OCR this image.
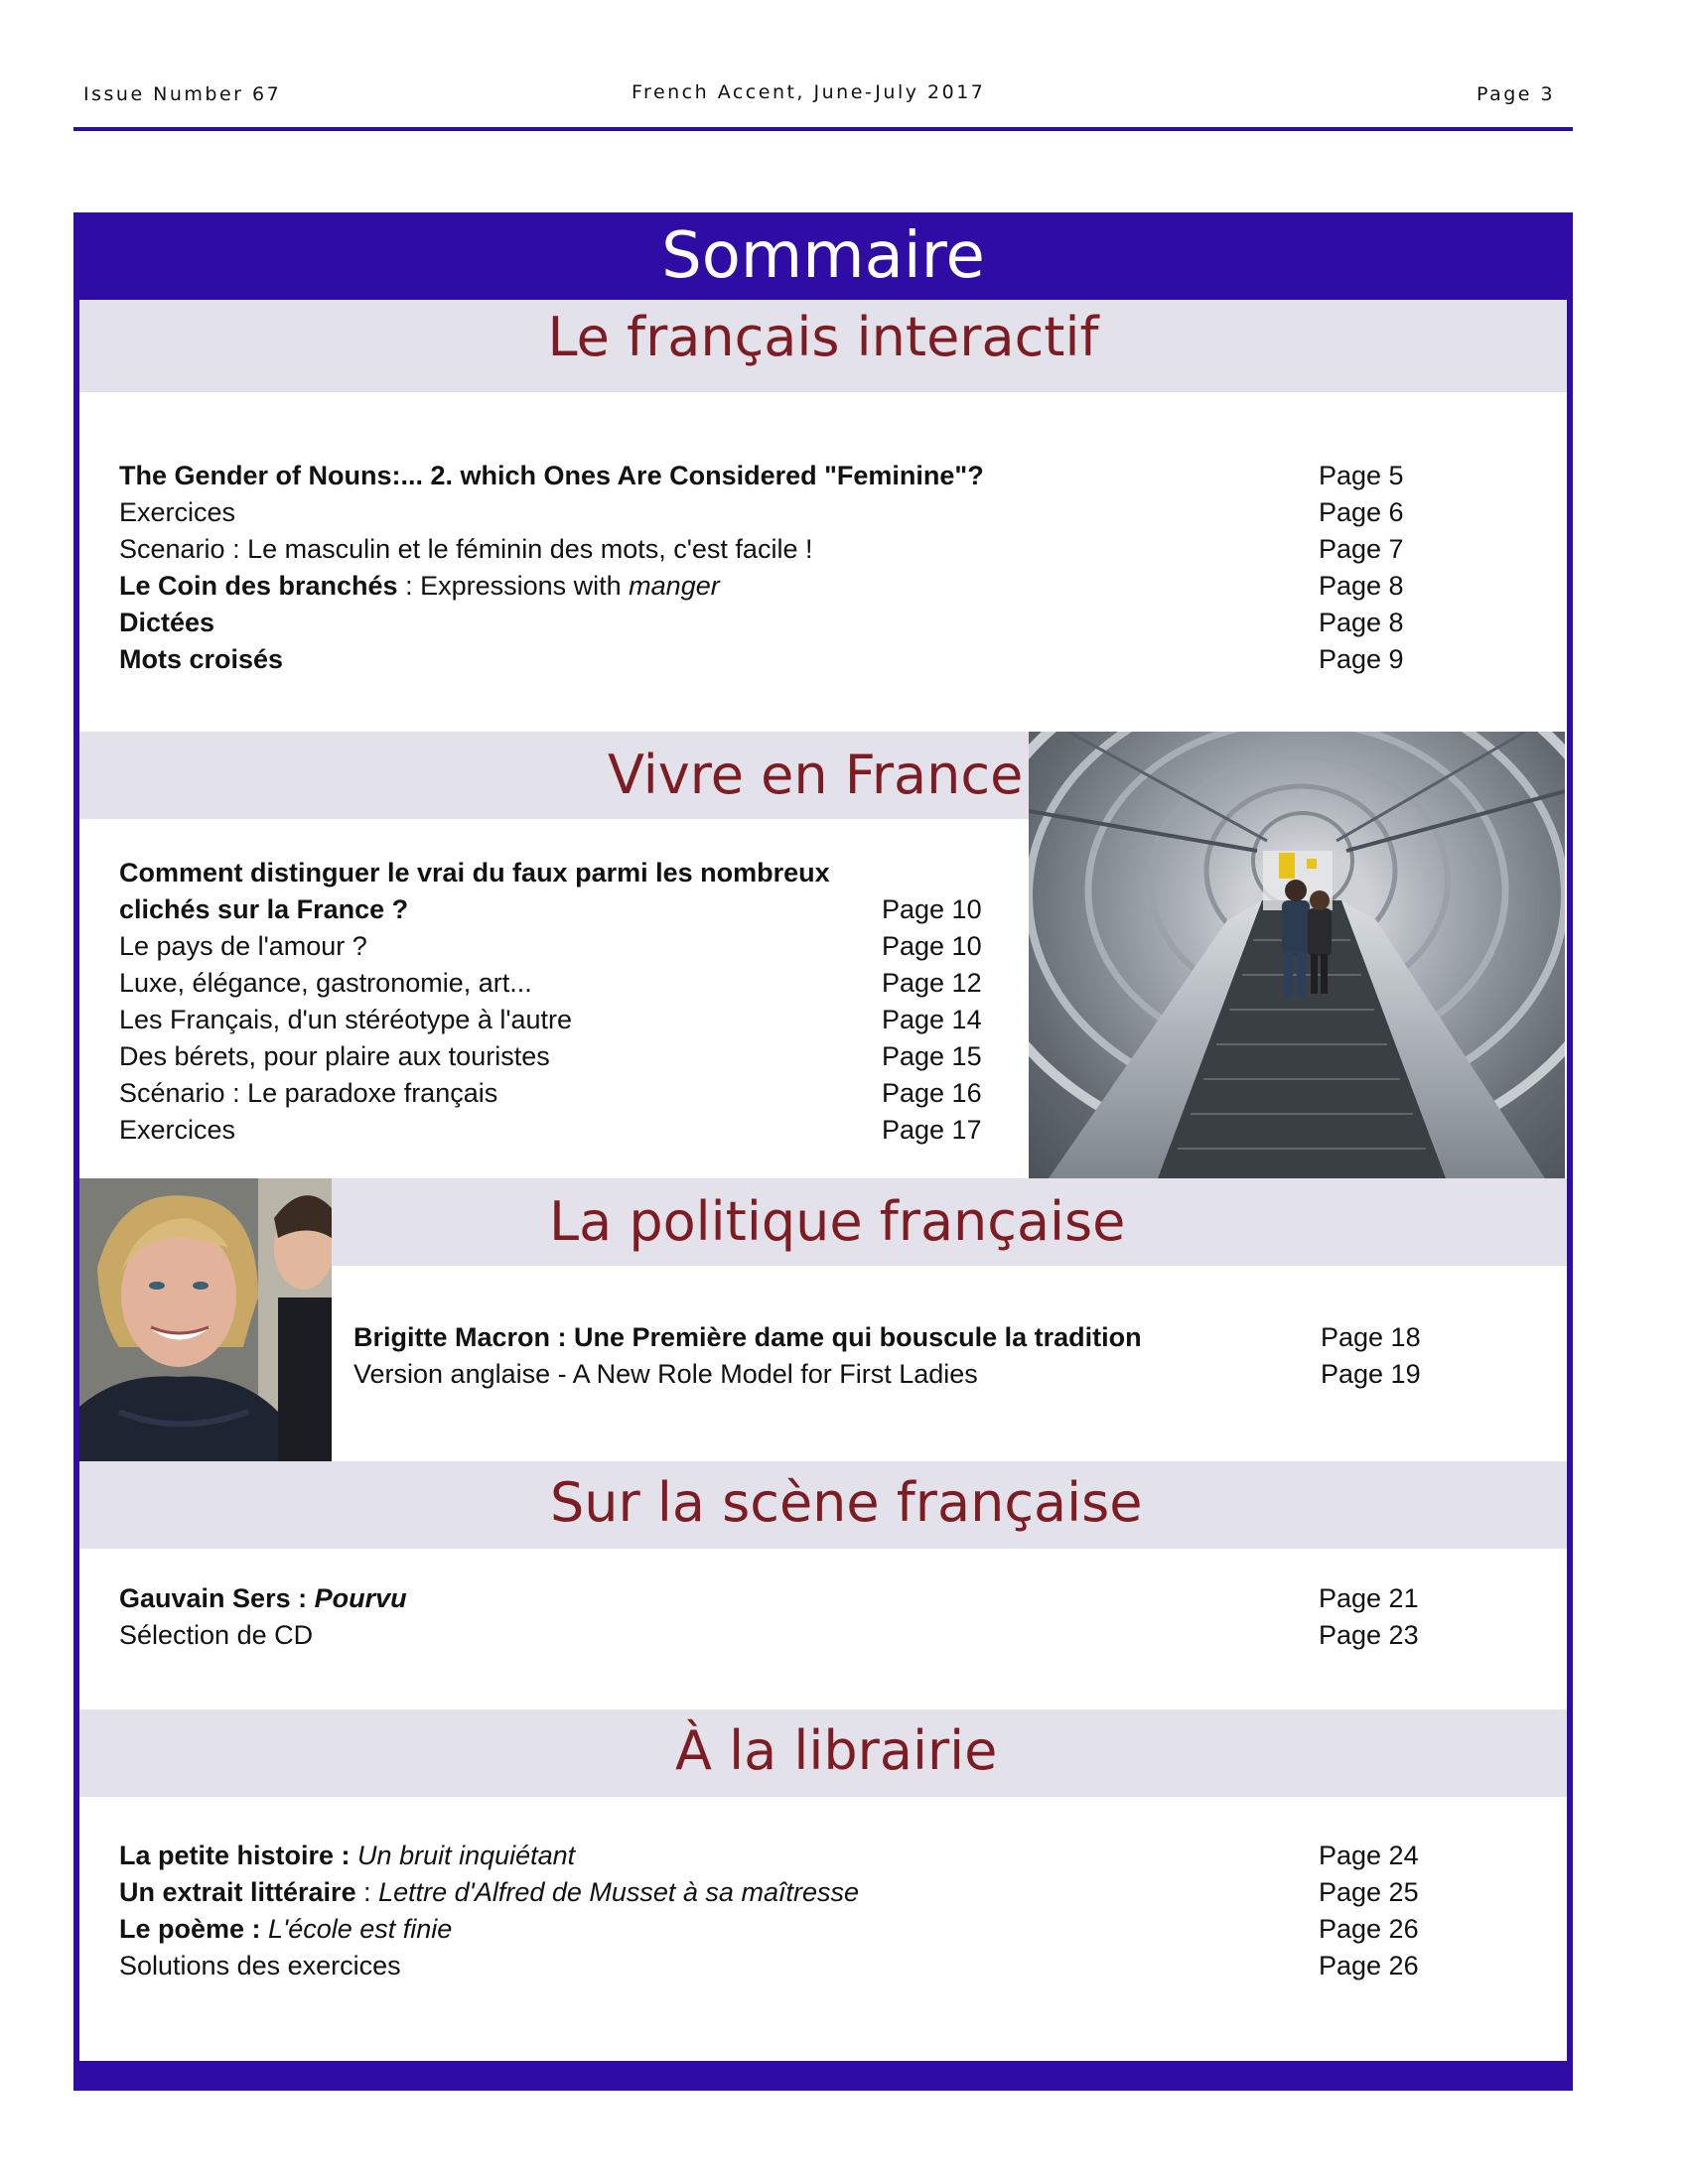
Issue Number 67	French Accent, June-July 2017	Page 3
Sommaire
Le français interactif
The Gender of Nouns:... 2. which Ones Are Considered "Feminine"?	Page 5
Exercices	Page 6
Scenario : Le masculin et le féminin des mots, c'est facile !	Page 7
Le Coin des branchés : Expressions with manger	Page 8
Dictées	Page 8
Mots croisés	Page 9
Vivre en France
Comment distinguer le vrai du faux parmi les nombreux
clichés sur la France ?	Page 10
Le pays de l'amour ?	Page 10
Luxe, élégance, gastronomie, art...	Page 12
Les Français, d'un stéréotype à l'autre	Page 14
Des bérets, pour plaire aux touristes	Page 15
Scénario : Le paradoxe français	Page 16
Exercices	Page 17
La politique française
Brigitte Macron : Une Première dame qui bouscule la tradition	Page 18
Version anglaise - A New Role Model for First Ladies	Page 19
Sur la scène française
Gauvain Sers : Pourvu	Page 21
Sélection de CD	Page 23
À la librairie
La petite histoire : Un bruit inquiétant	Page 24
Un extrait littéraire : Lettre d'Alfred de Musset à sa maîtresse	Page 25
Le poème : L'école est finie	Page 26
Solutions des exercices	Page 26
